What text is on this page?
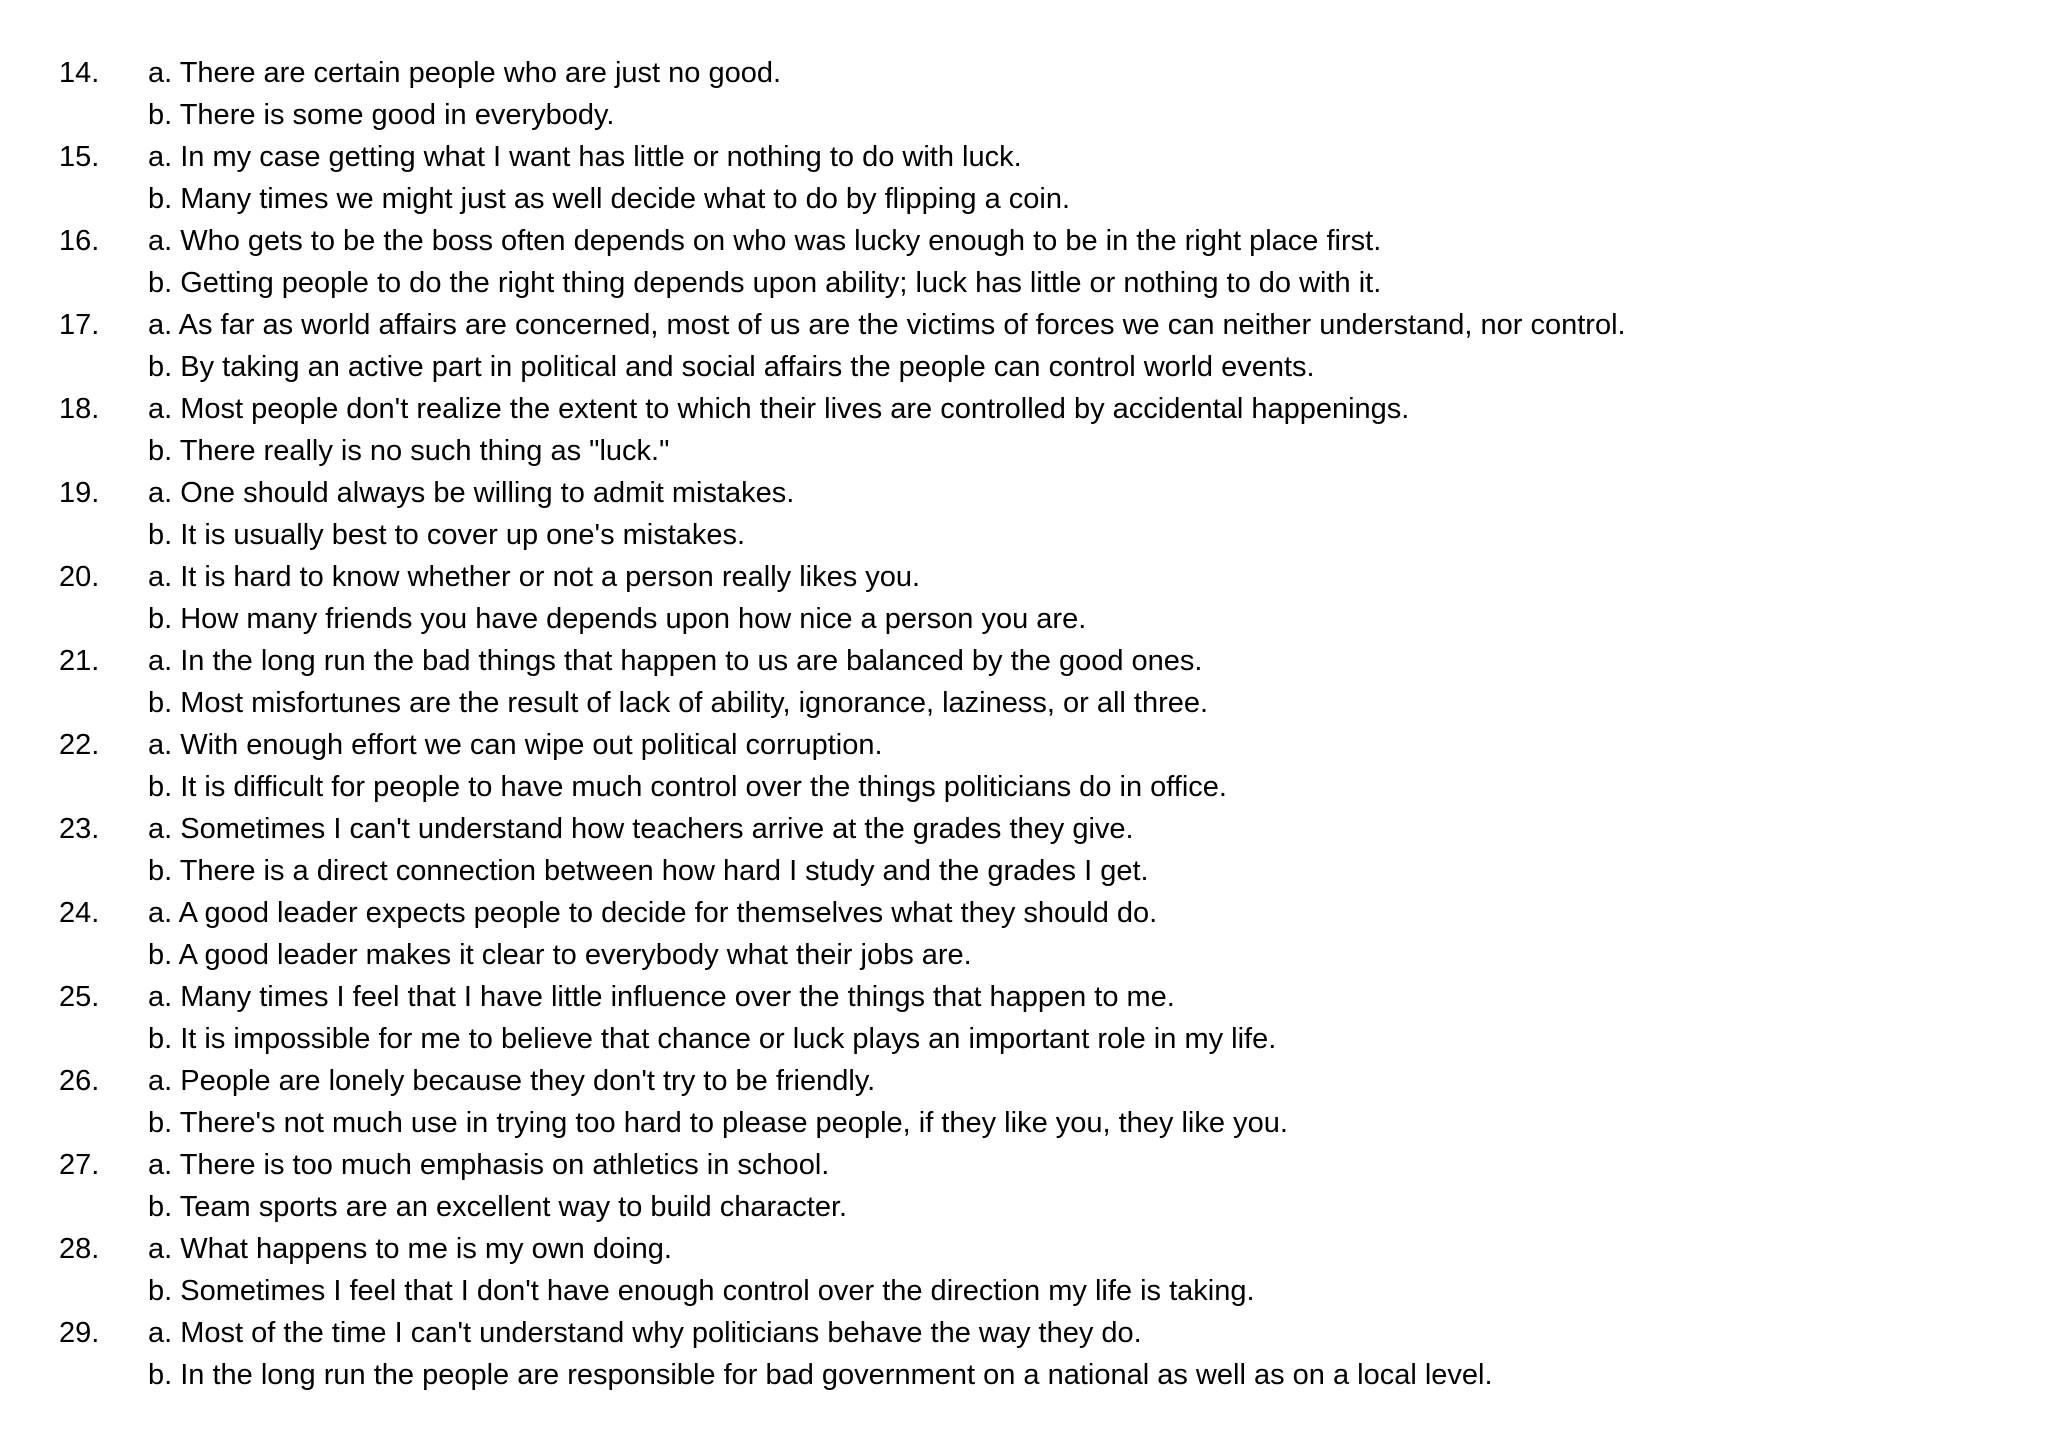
14. a. There are certain people who are just no good.
b. There is some good in everybody.
15. a. In my case getting what I want has little or nothing to do with luck.
b. Many times we might just as well decide what to do by flipping a coin.
16. a. Who gets to be the boss often depends on who was lucky enough to be in the right place first.
b. Getting people to do the right thing depends upon ability; luck has little or nothing to do with it.
17. a. As far as world affairs are concerned, most of us are the victims of forces we can neither understand, nor control.
b. By taking an active part in political and social affairs the people can control world events.
18. a. Most people don't realize the extent to which their lives are controlled by accidental happenings.
b. There really is no such thing as "luck."
19. a. One should always be willing to admit mistakes.
b. It is usually best to cover up one's mistakes.
20. a. It is hard to know whether or not a person really likes you.
b. How many friends you have depends upon how nice a person you are.
21. a. In the long run the bad things that happen to us are balanced by the good ones.
b. Most misfortunes are the result of lack of ability, ignorance, laziness, or all three.
22. a. With enough effort we can wipe out political corruption.
b. It is difficult for people to have much control over the things politicians do in office.
23. a. Sometimes I can't understand how teachers arrive at the grades they give.
b. There is a direct connection between how hard I study and the grades I get.
24. a. A good leader expects people to decide for themselves what they should do.
b. A good leader makes it clear to everybody what their jobs are.
25. a. Many times I feel that I have little influence over the things that happen to me.
b. It is impossible for me to believe that chance or luck plays an important role in my life.
26. a. People are lonely because they don't try to be friendly.
b. There's not much use in trying too hard to please people, if they like you, they like you.
27. a. There is too much emphasis on athletics in school.
b. Team sports are an excellent way to build character.
28. a. What happens to me is my own doing.
b. Sometimes I feel that I don't have enough control over the direction my life is taking.
29. a. Most of the time I can't understand why politicians behave the way they do.
b. In the long run the people are responsible for bad government on a national as well as on a local level.
